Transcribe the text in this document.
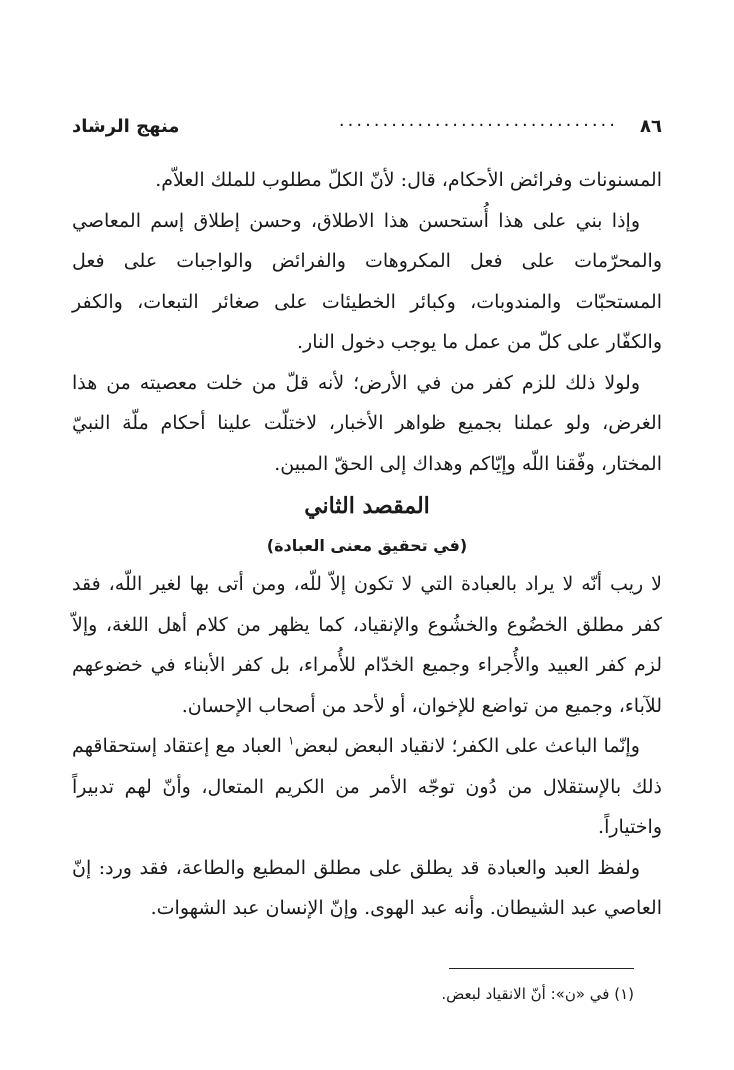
٨٦
................................
منهج الرشاد

المسنونات وفرائض الأحكام، قال: لأنّ الكلّ مطلوب للملك العلاّم.

وإذا بني على هذا أُستحسن هذا الاطلاق، وحسن إطلاق إسم المعاصي والمحرّمات على فعل المكروهات والفرائض والواجبات على فعل المستحبّات والمندوبات، وكبائر الخطيئات على صغائر التبعات، والكفر والكفّار على كلّ من عمل ما يوجب دخول النار.

ولولا ذلك للزم كفر من في الأرض؛ لأنه قلّ من خلت معصيته من هذا الغرض، ولو عملنا بجميع ظواهر الأخبار، لاختلّت علينا أحكام ملّة النبيّ المختار، وفّقنا اللّه وإيّاكم وهداك إلى الحقّ المبين.

المقصد الثاني

(في تحقيق معنى العبادة)

لا ريب أنّه لا يراد بالعبادة التي لا تكون إلاّ للّه، ومن أتى بها لغير اللّه، فقد كفر مطلق الخضُوع والخشُوع والإنقياد، كما يظهر من كلام أهل اللغة، وإلاّ لزم كفر العبيد والأُجراء وجميع الخدّام للأُمراء، بل كفر الأبناء في خضوعهم للآباء، وجميع من تواضع للإخوان، أو لأحد من أصحاب الإحسان.

وإنّما الباعث على الكفر؛ لانقياد البعض لبعض$^١$ العباد مع إعتقاد إستحقاقهم ذلك بالإستقلال من دُون توجّه الأمر من الكريم المتعال، وأنّ لهم تدبيراً واختياراً.

ولفظ العبد والعبادة قد يطلق على مطلق المطيع والطاعة، فقد ورد: إنّ العاصي عبد الشيطان. وأنه عبد الهوى. وإنّ الإنسان عبد الشهوات.

(١) في «ن»: أنّ الانقياد لبعض.
